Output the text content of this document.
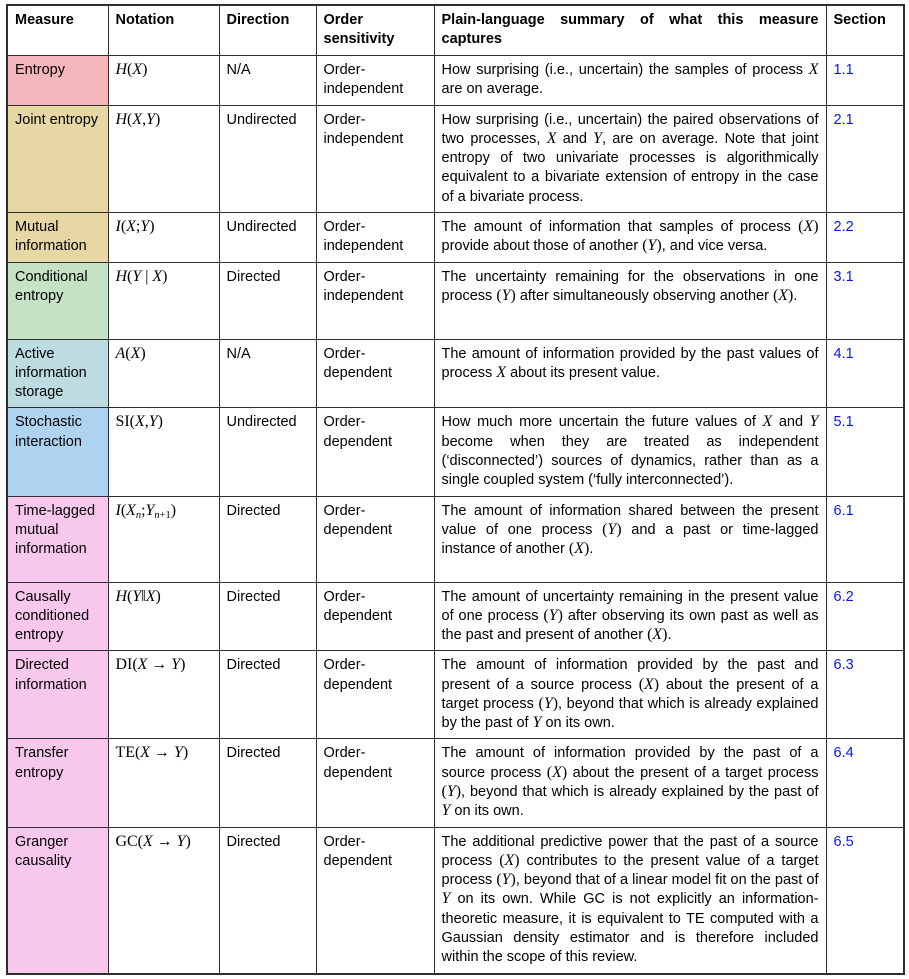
Measure	Notation	Direction	Order sensitivity	Plain-language summary of what this measure captures	Section
Entropy	H(X)	N/A	Order-independent	How surprising (i.e., uncertain) the samples of process X are on average.	1.1
Joint entropy	H(X,Y)	Undirected	Order-independent	How surprising (i.e., uncertain) the paired observations of two processes, X and Y, are on average. Note that joint entropy of two univariate processes is algorithmically equivalent to a bivariate extension of entropy in the case of a bivariate process.	2.1
Mutual information	I(X;Y)	Undirected	Order-independent	The amount of information that samples of process (X) provide about those of another (Y), and vice versa.	2.2
Conditional entropy	H(Y | X)	Directed	Order-independent	The uncertainty remaining for the observations in one process (Y) after simultaneously observing another (X).	3.1
Active information storage	A(X)	N/A	Order-dependent	The amount of information provided by the past values of process X about its present value.	4.1
Stochastic interaction	SI(X,Y)	Undirected	Order-dependent	How much more uncertain the future values of X and Y become when they are treated as independent (‘disconnected’) sources of dynamics, rather than as a single coupled system (‘fully interconnected’).	5.1
Time-lagged mutual information	$I(X_n;Y_{n+1})$	Directed	Order-dependent	The amount of information shared between the present value of one process (Y) and a past or time-lagged instance of another (X).	6.1
Causally conditioned entropy	H(Y‖X)	Directed	Order-dependent	The amount of uncertainty remaining in the present value of one process (Y) after observing its own past as well as the past and present of another (X).	6.2
Directed information	DI(X → Y)	Directed	Order-dependent	The amount of information provided by the past and present of a source process (X) about the present of a target process (Y), beyond that which is already explained by the past of Y on its own.	6.3
Transfer entropy	TE(X → Y)	Directed	Order-dependent	The amount of information provided by the past of a source process (X) about the present of a target process (Y), beyond that which is already explained by the past of Y on its own.	6.4
Granger causality	GC(X → Y)	Directed	Order-dependent	The additional predictive power that the past of a source process (X) contributes to the present value of a target process (Y), beyond that of a linear model fit on the past of Y on its own. While GC is not explicitly an information-theoretic measure, it is equivalent to TE computed with a Gaussian density estimator and is therefore included within the scope of this review.	6.5
